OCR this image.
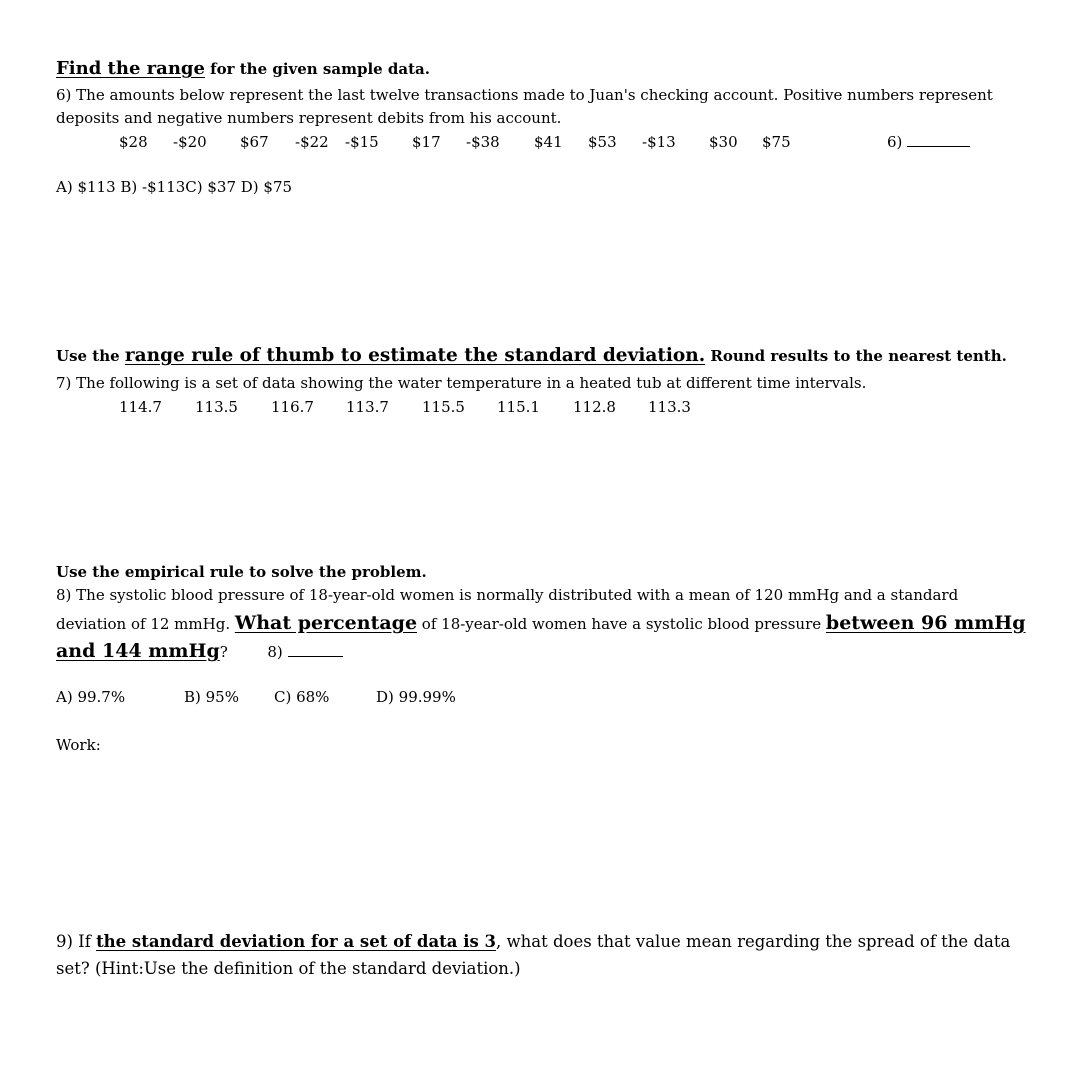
Find the range for the given sample data.
6) The amounts below represent the last twelve transactions made to Juan's checking account. Positive numbers represent
deposits and negative numbers represent debits from his account.
$28 -$20 $67 -$22 -$15 $17 -$38 $41 $53 -$13 $30 $75	6)
A) $113 B) -$113C) $37 D) $75
Use the range rule of thumb to estimate the standard deviation. Round results to the nearest tenth.
7) The following is a set of data showing the water temperature in a heated tub at different time intervals.
114.7 113.5 116.7 113.7 115.5 115.1 112.8 113.3
Use the empirical rule to solve the problem.
8) The systolic blood pressure of 18-year-old women is normally distributed with a mean of 120 mmHg and a standard
deviation of 12 mmHg. What percentage of 18-year-old women have a systolic blood pressure between 96 mmHg
and 144 mmHg?	8)
A) 99.7%	B) 95% C) 68%	D) 99.99%
Work:
9) If the standard deviation for a set of data is 3, what does that value mean regarding the spread of the data
set? (Hint:Use the definition of the standard deviation.)
